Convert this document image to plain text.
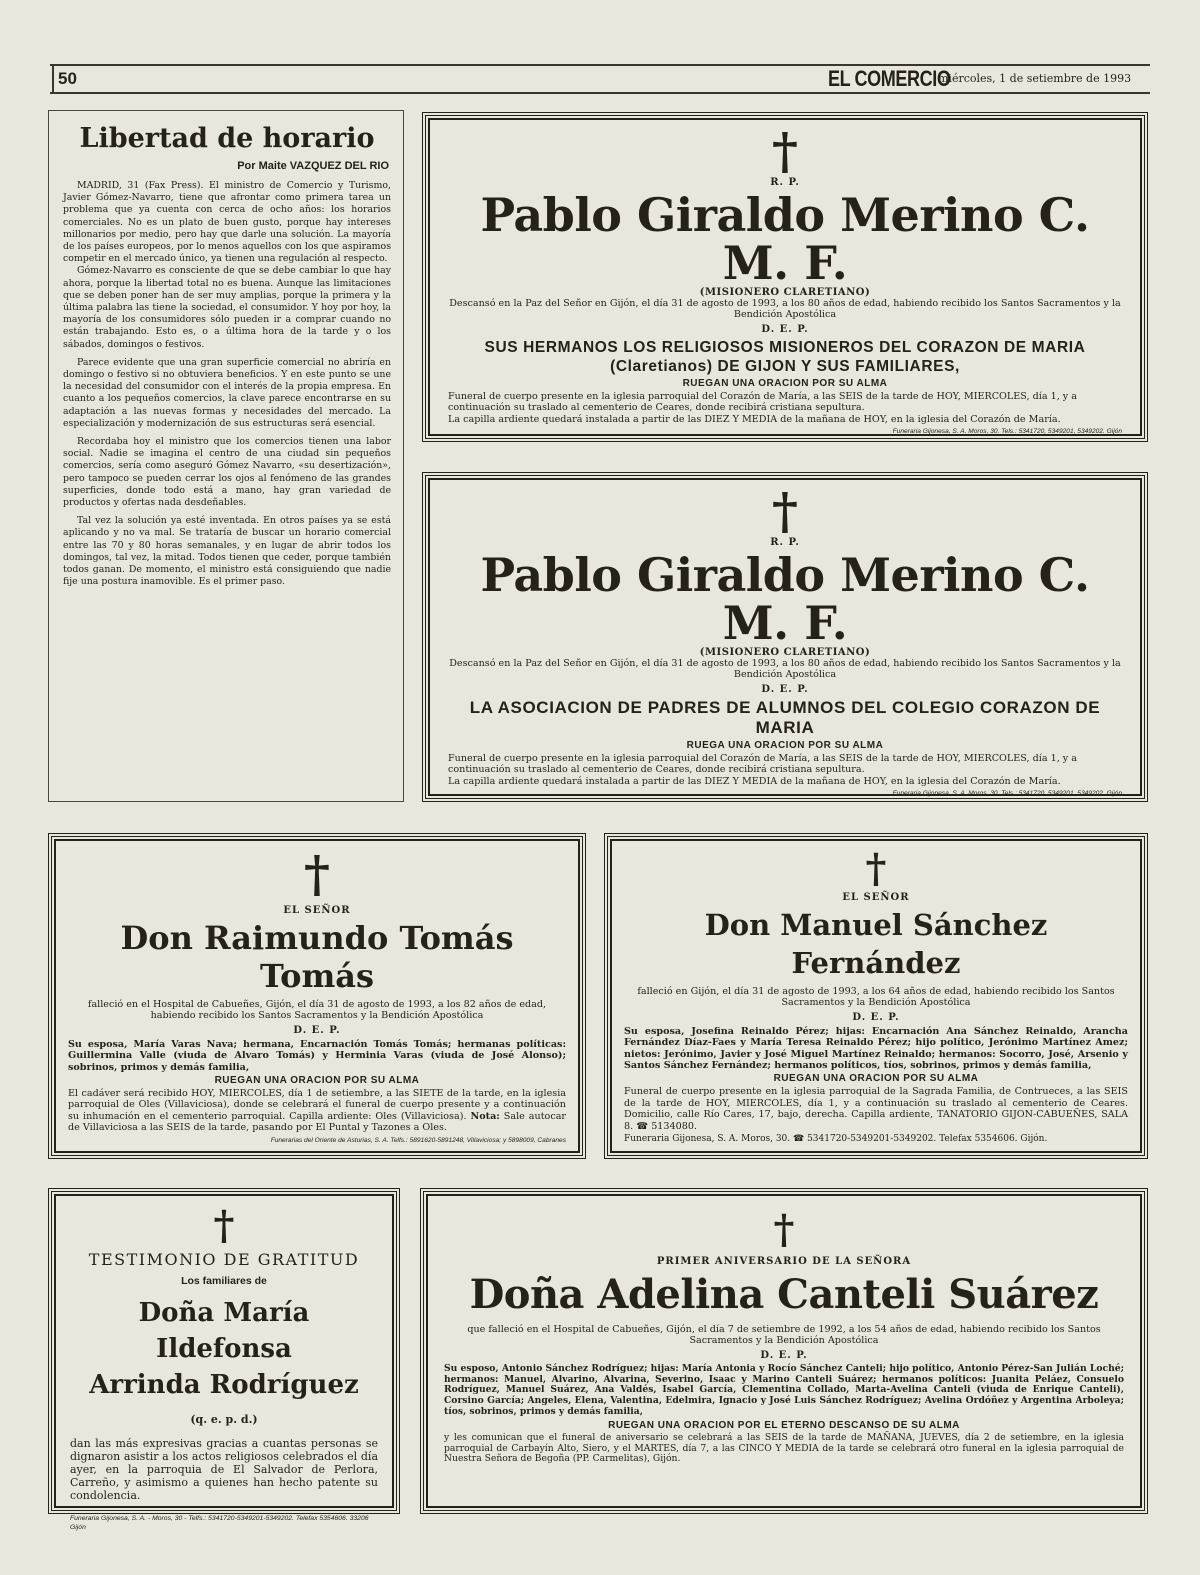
50	EL COMERCIO
miércoles, 1 de setiembre de 1993
Libertad de horario
Por Maite VAZQUEZ DEL RIO

MADRID, 31 (Fax Press). El ministro de Comercio y Turismo, Javier Gómez-Navarro, tiene que afrontar como primera tarea un problema que ya cuenta con cerca de ocho años: los horarios comerciales. No es un plato de buen gusto, porque hay intereses millonarios por medio, pero hay que darle una solución. La mayoría de los países europeos, por lo menos aquellos con los que aspiramos competir en el mercado único, ya tienen una regulación al respecto.

Gómez-Navarro es consciente de que se debe cambiar lo que hay ahora, porque la libertad total no es buena. Aunque las limitaciones que se deben poner han de ser muy amplias, porque la primera y la última palabra las tiene la sociedad, el consumidor. Y hoy por hoy, la mayoría de los consumidores sólo pueden ir a comprar cuando no están trabajando. Esto es, o a última hora de la tarde y o los sábados, domingos o festivos.

Parece evidente que una gran superficie comercial no abriría en domingo o festivo si no obtuviera beneficios. Y en este punto se une la necesidad del consumidor con el interés de la propia empresa. En cuanto a los pequeños comercios, la clave parece encontrarse en su adaptación a las nuevas formas y necesidades del mercado. La especialización y modernización de sus estructuras será esencial.

Recordaba hoy el ministro que los comercios tienen una labor social. Nadie se imagina el centro de una ciudad sin pequeños comercios, sería como aseguró Gómez Navarro, «su desertización», pero tampoco se pueden cerrar los ojos al fenómeno de las grandes superficies, donde todo está a mano, hay gran variedad de productos y ofertas nada desdeñables.

Tal vez la solución ya esté inventada. En otros países ya se está aplicando y no va mal. Se trataría de buscar un horario comercial entre las 70 y 80 horas semanales, y en lugar de abrir todos los domingos, tal vez, la mitad. Todos tienen que ceder, porque también todos ganan. De momento, el ministro está consiguiendo que nadie fije una postura inamovible. Es el primer paso.

†
R. P.
Pablo Giraldo Merino C. M. F.
(MISIONERO CLARETIANO)

Descansó en la Paz del Señor en Gijón, el día 31 de agosto de 1993, a los 80 años de edad, habiendo recibido los Santos Sacramentos y la Bendición Apostólica

D. E. P.
SUS HERMANOS LOS RELIGIOSOS MISIONEROS DEL CORAZON DE MARIA (Claretianos) DE GIJON Y SUS FAMILIARES,
RUEGAN UNA ORACION POR SU ALMA

Funeral de cuerpo presente en la iglesia parroquial del Corazón de María, a las SEIS de la tarde de HOY, MIERCOLES, día 1, y a continuación su traslado al cementerio de Ceares, donde recibirá cristiana sepultura.

La capilla ardiente quedará instalada a partir de las DIEZ Y MEDIA de la mañana de HOY, en la iglesia del Corazón de María.

Funeraria Gijonesa, S. A. Moros, 30. Tels.: 5341720, 5349201, 5349202. Gijón
†
R. P.
Pablo Giraldo Merino C. M. F.
(MISIONERO CLARETIANO)

Descansó en la Paz del Señor en Gijón, el día 31 de agosto de 1993, a los 80 años de edad, habiendo recibido los Santos Sacramentos y la Bendición Apostólica

D. E. P.
LA ASOCIACION DE PADRES DE ALUMNOS DEL COLEGIO CORAZON DE MARIA
RUEGA UNA ORACION POR SU ALMA

Funeral de cuerpo presente en la iglesia parroquial del Corazón de María, a las SEIS de la tarde de HOY, MIERCOLES, día 1, y a continuación su traslado al cementerio de Ceares, donde recibirá cristiana sepultura.

La capilla ardiente quedará instalada a partir de las DIEZ Y MEDIA de la mañana de HOY, en la iglesia del Corazón de María.

Funeraria Gijonesa, S. A. Moros, 30. Tels.: 5341720, 5349201, 5349202. Gijón
†
EL SEÑOR
Don Raimundo Tomás Tomás

falleció en el Hospital de Cabueñes, Gijón, el día 31 de agosto de 1993, a los 82 años de edad, habiendo recibido los Santos Sacramentos y la Bendición Apostólica

D. E. P.

Su esposa, María Varas Nava; hermana, Encarnación Tomás Tomás; hermanas políticas: Guillermina Valle (viuda de Alvaro Tomás) y Herminia Varas (viuda de José Alonso); sobrinos, primos y demás familia,

RUEGAN UNA ORACION POR SU ALMA

El cadáver será recibido HOY, MIERCOLES, día 1 de setiembre, a las SIETE de la tarde, en la iglesia parroquial de Oles (Villaviciosa), donde se celebrará el funeral de cuerpo presente y a continuación su inhumación en el cementerio parroquial. Capilla ardiente: Oles (Villaviciosa). Nota: Sale autocar de Villaviciosa a las SEIS de la tarde, pasando por El Puntal y Tazones a Oles.

Funerarias del Oriente de Asturias, S. A. Telfs.: 5891620-5891248, Villaviciosa; y 5898009, Cabranes
†
EL SEÑOR
Don Manuel Sánchez Fernández

falleció en Gijón, el día 31 de agosto de 1993, a los 64 años de edad, habiendo recibido los Santos Sacramentos y la Bendición Apostólica

D. E. P.

Su esposa, Josefina Reinaldo Pérez; hijas: Encarnación Ana Sánchez Reinaldo, Arancha Fernández Díaz-Faes y María Teresa Reinaldo Pérez; hijo político, Jerónimo Martínez Amez; nietos: Jerónimo, Javier y José Miguel Martínez Reinaldo; hermanos: Socorro, José, Arsenio y Santos Sánchez Fernández; hermanos políticos, tíos, sobrinos, primos y demás familia,

RUEGAN UNA ORACION POR SU ALMA

Funeral de cuerpo presente en la iglesia parroquial de la Sagrada Familia, de Contrueces, a las SEIS de la tarde de HOY, MIERCOLES, día 1, y a continuación su traslado al cementerio de Ceares. Domicilio, calle Río Cares, 17, bajo, derecha. Capilla ardiente, TANATORIO GIJON-CABUEÑES, SALA 8. ☎ 5134080.

Funeraria Gijonesa, S. A. Moros, 30. ☎ 5341720-5349201-5349202. Telefax 5354606. Gijón.

†
TESTIMONIO DE GRATITUD
Los familiares de
Doña María Ildefonsa
Arrinda Rodríguez
(q. e. p. d.)

dan las más expresivas gracias a cuantas personas se dignaron asistir a los actos religiosos celebrados el día ayer, en la parroquia de El Salvador de Perlora, Carreño, y asimismo a quienes han hecho patente su condolencia.

Funeraria Gijonesa, S. A. - Moros, 30 - Telfs.: 5341720-5349201-5349202. Telefax 5354606. 33206 Gijón
†
PRIMER ANIVERSARIO DE LA SEÑORA
Doña Adelina Canteli Suárez

que falleció en el Hospital de Cabueñes, Gijón, el día 7 de setiembre de 1992, a los 54 años de edad, habiendo recibido los Santos Sacramentos y la Bendición Apostólica

D. E. P.

Su esposo, Antonio Sánchez Rodríguez; hijas: María Antonia y Rocío Sánchez Canteli; hijo político, Antonio Pérez-San Julián Loché; hermanos: Manuel, Alvarino, Alvarina, Severino, Isaac y Marino Canteli Suárez; hermanos políticos: Juanita Peláez, Consuelo Rodríguez, Manuel Suárez, Ana Valdés, Isabel García, Clementina Collado, Marta-Avelina Canteli (viuda de Enrique Canteli), Corsino García; Angeles, Elena, Valentina, Edelmira, Ignacio y José Luis Sánchez Rodríguez; Avelina Ordóñez y Argentina Arboleya; tíos, sobrinos, primos y demás familia,

RUEGAN UNA ORACION POR EL ETERNO DESCANSO DE SU ALMA

y les comunican que el funeral de aniversario se celebrará a las SEIS de la tarde de MAÑANA, JUEVES, día 2 de setiembre, en la iglesia parroquial de Carbayín Alto, Siero, y el MARTES, día 7, a las CINCO Y MEDIA de la tarde se celebrará otro funeral en la iglesia parroquial de Nuestra Señora de Begoña (PP. Carmelitas), Gijón.
